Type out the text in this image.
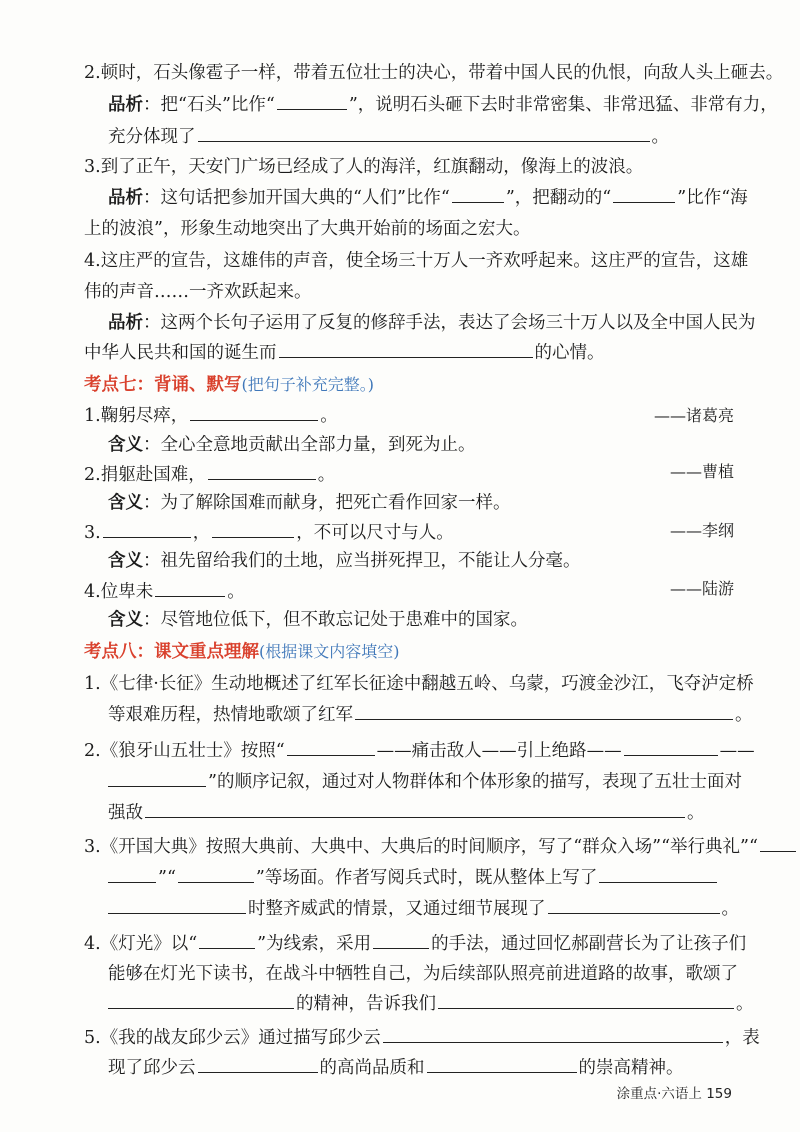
2.顿时，石头像雹子一样，带着五位壮士的决心，带着中国人民的仇恨，向敌人头上砸去。
品析：把“石头”比作“	”，说明石头砸下去时非常密集、非常迅猛、非常有力，
充分体现了	。
3.到了正午，天安门广场已经成了人的海洋，红旗翻动，像海上的波浪。
品析：这句话把参加开国大典的“人们”比作“	”，把翻动的“	”比作“海
上的波浪”，形象生动地突出了大典开始前的场面之宏大。
4.这庄严的宣告，这雄伟的声音，使全场三十万人一齐欢呼起来。这庄严的宣告，这雄
伟的声音……一齐欢跃起来。
品析：这两个长句子运用了反复的修辞手法，表达了会场三十万人以及全中国人民为
中华人民共和国的诞生而	的心情。
考点七：背诵、默写(把句子补充完整。)
1.鞠躬尽瘁，	。	——诸葛亮
含义：全心全意地贡献出全部力量，到死为止。
2.捐躯赴国难，	。	——曹植
含义：为了解除国难而献身，把死亡看作回家一样。
3.	，	，不可以尺寸与人。	——李纲
含义：祖先留给我们的土地，应当拼死捍卫，不能让人分毫。
4.位卑未	。	——陆游
含义：尽管地位低下，但不敢忘记处于患难中的国家。
考点八：课文重点理解(根据课文内容填空)
1.《七律·长征》生动地概述了红军长征途中翻越五岭、乌蒙，巧渡金沙江，飞夺泸定桥
等艰难历程，热情地歌颂了红军	。
2.《狼牙山五壮士》按照“	——痛击敌人——引上绝路——	——
”的顺序记叙，通过对人物群体和个体形象的描写，表现了五壮士面对
强敌	。
3.《开国大典》按照大典前、大典中、大典后的时间顺序，写了“群众入场”“举行典礼”“
”“	”等场面。作者写阅兵式时，既从整体上写了
时整齐威武的情景，又通过细节展现了	。
4.《灯光》以“	”为线索，采用	的手法，通过回忆郝副营长为了让孩子们
能够在灯光下读书，在战斗中牺牲自己，为后续部队照亮前进道路的故事，歌颂了
的精神，告诉我们	。
5.《我的战友邱少云》通过描写邱少云	，表
现了邱少云	的高尚品质和	的崇高精神。
涂重点·六语上 159
